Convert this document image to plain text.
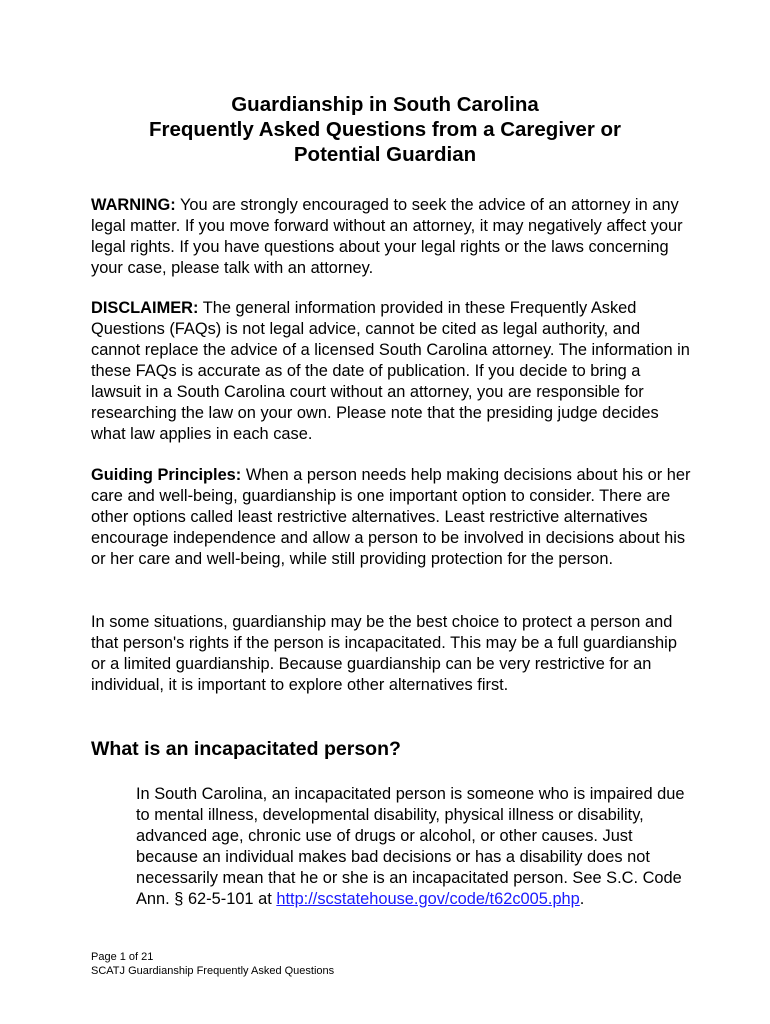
Guardianship in South Carolina
Frequently Asked Questions from a Caregiver or
Potential Guardian
WARNING: You are strongly encouraged to seek the advice of an attorney in any legal matter. If you move forward without an attorney, it may negatively affect your legal rights. If you have questions about your legal rights or the laws concerning your case, please talk with an attorney.
DISCLAIMER: The general information provided in these Frequently Asked Questions (FAQs) is not legal advice, cannot be cited as legal authority, and cannot replace the advice of a licensed South Carolina attorney. The information in these FAQs is accurate as of the date of publication. If you decide to bring a lawsuit in a South Carolina court without an attorney, you are responsible for researching the law on your own. Please note that the presiding judge decides what law applies in each case.
Guiding Principles: When a person needs help making decisions about his or her care and well-being, guardianship is one important option to consider. There are other options called least restrictive alternatives. Least restrictive alternatives encourage independence and allow a person to be involved in decisions about his or her care and well-being, while still providing protection for the person.
In some situations, guardianship may be the best choice to protect a person and that person's rights if the person is incapacitated. This may be a full guardianship or a limited guardianship. Because guardianship can be very restrictive for an individual, it is important to explore other alternatives first.
What is an incapacitated person?
In South Carolina, an incapacitated person is someone who is impaired due to mental illness, developmental disability, physical illness or disability, advanced age, chronic use of drugs or alcohol, or other causes. Just because an individual makes bad decisions or has a disability does not necessarily mean that he or she is an incapacitated person. See S.C. Code Ann. § 62-5-101 at http://scstatehouse.gov/code/t62c005.php.
Page 1 of 21
SCATJ Guardianship Frequently Asked Questions
